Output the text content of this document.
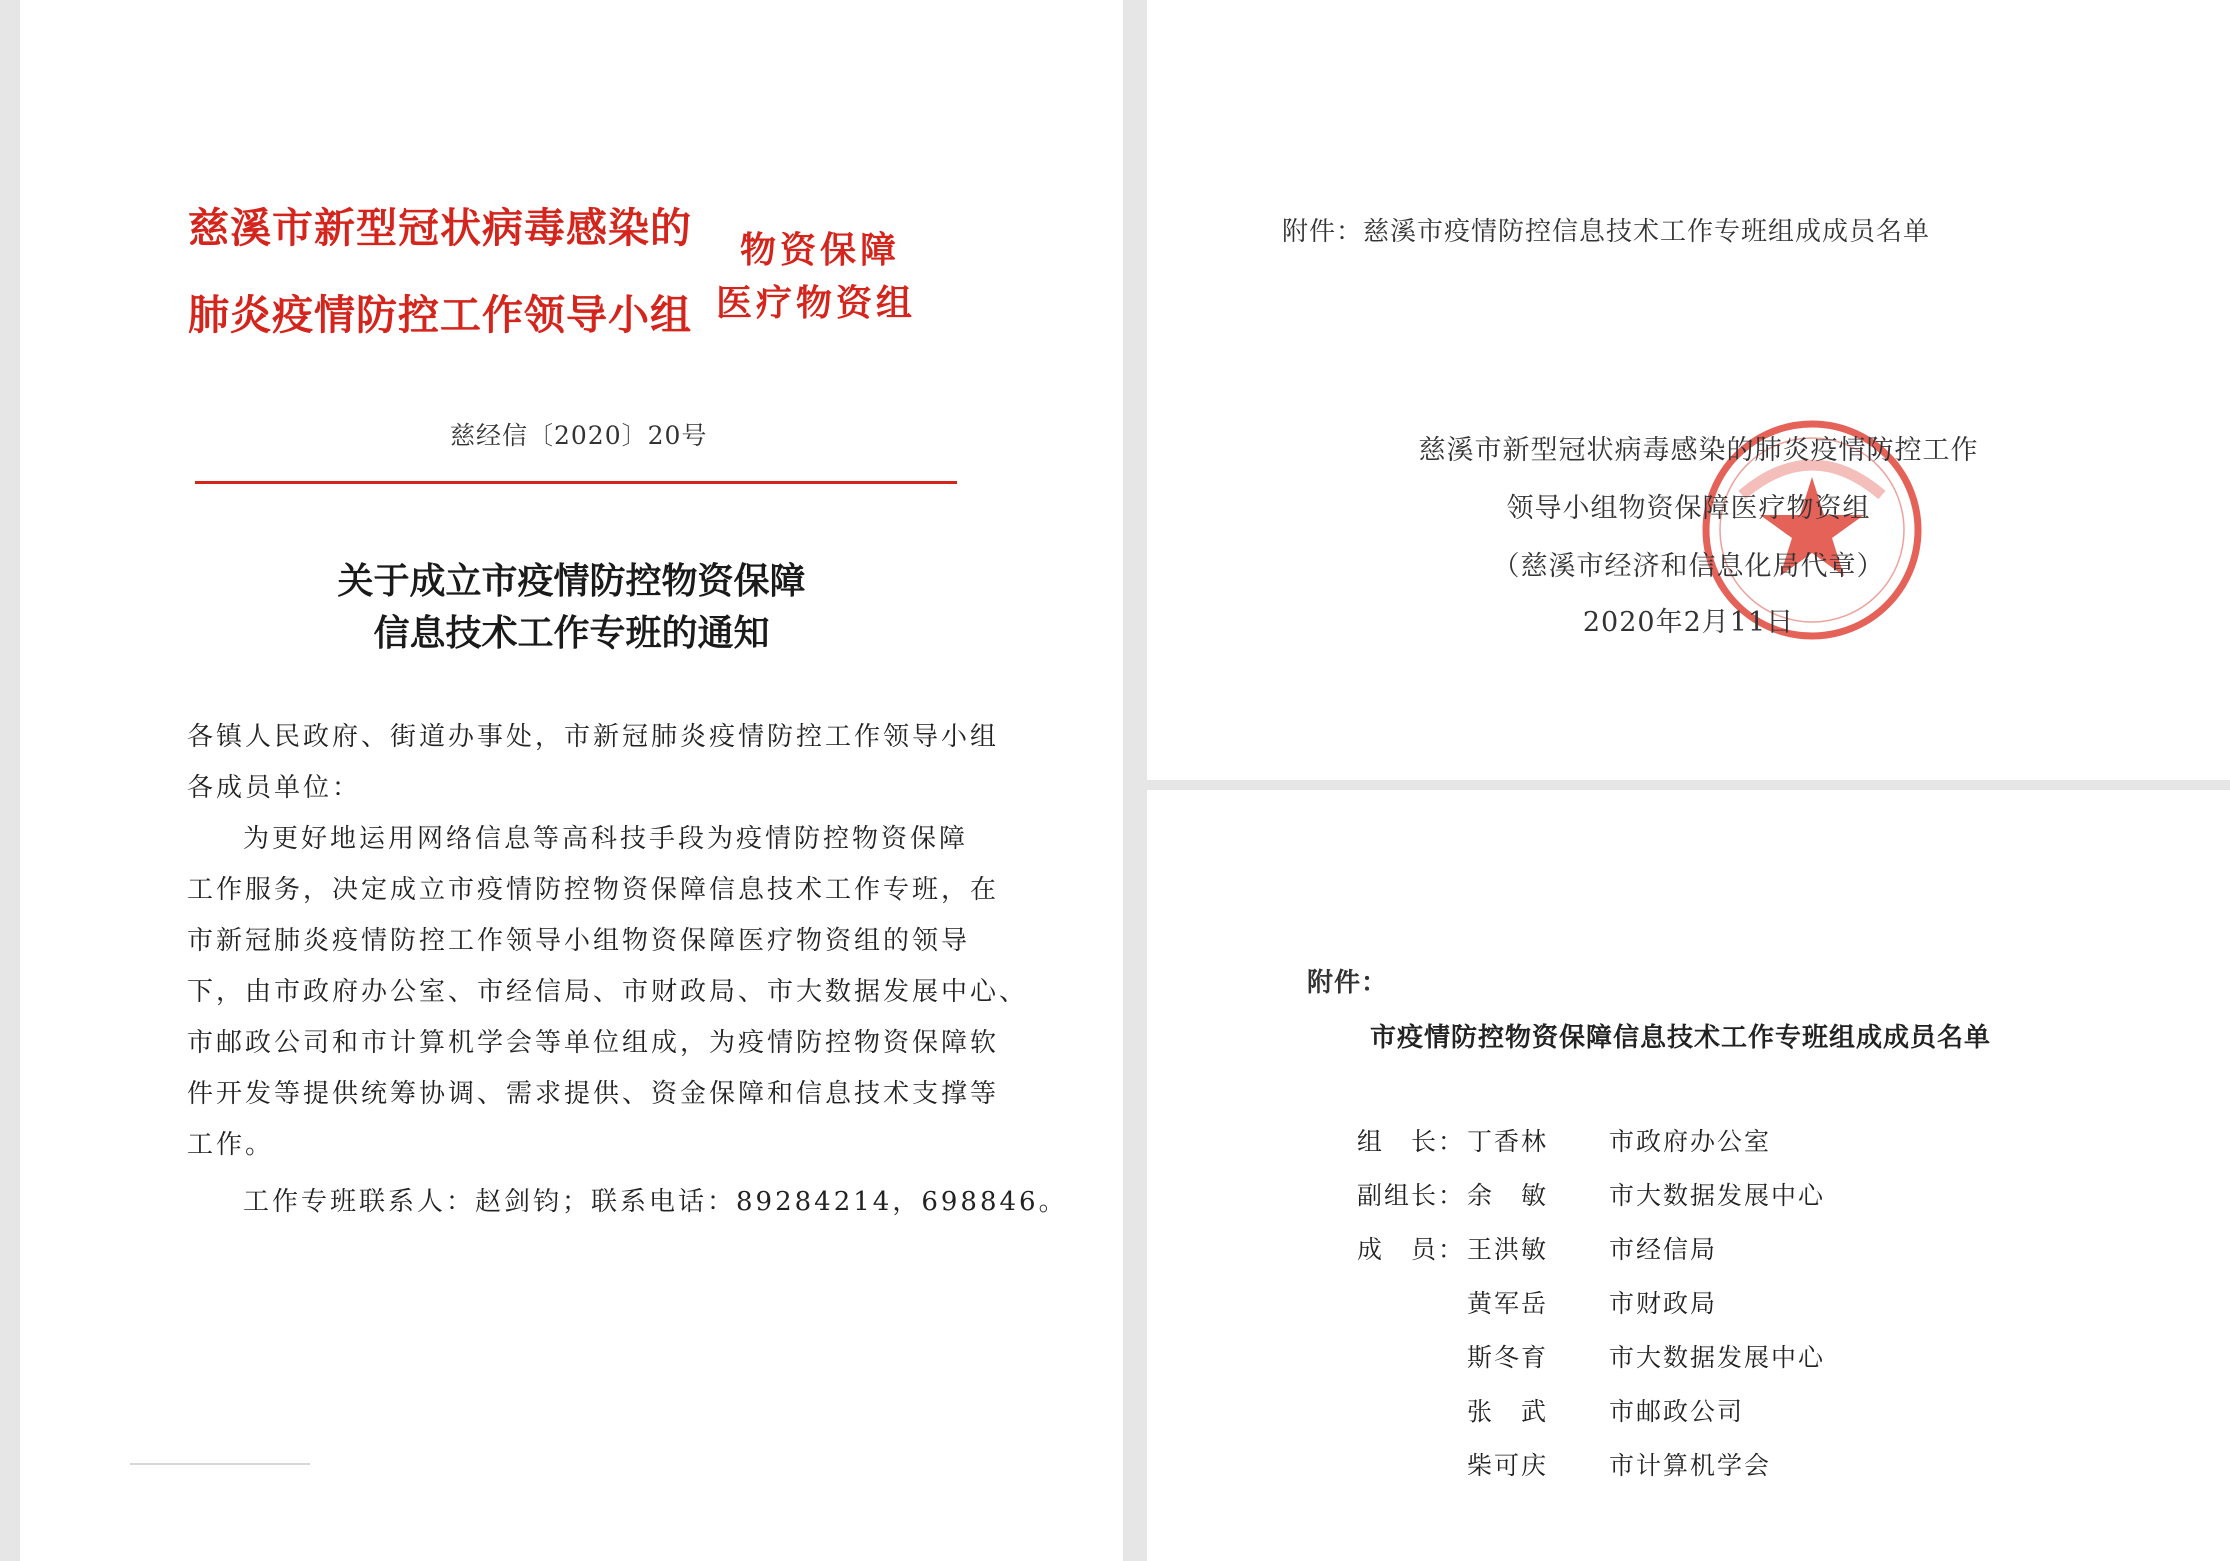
慈溪市新型冠状病毒感染的
肺炎疫情防控工作领导小组
物资保障
医疗物资组
慈经信〔2020〕20号
关于成立市疫情防控物资保障
信息技术工作专班的通知
各镇人民政府、街道办事处，市新冠肺炎疫情防控工作领导小组
各成员单位：
为更好地运用网络信息等高科技手段为疫情防控物资保障
工作服务，决定成立市疫情防控物资保障信息技术工作专班，在
市新冠肺炎疫情防控工作领导小组物资保障医疗物资组的领导
下，由市政府办公室、市经信局、市财政局、市大数据发展中心、
市邮政公司和市计算机学会等单位组成，为疫情防控物资保障软
件开发等提供统筹协调、需求提供、资金保障和信息技术支撑等
工作。
工作专班联系人：赵剑钧；联系电话：89284214，698846。
附件：慈溪市疫情防控信息技术工作专班组成成员名单
慈溪市新型冠状病毒感染的肺炎疫情防控工作
领导小组物资保障医疗物资组
（慈溪市经济和信息化局代章）
2020年2月11日
附件：
市疫情防控物资保障信息技术工作专班组成成员名单
组　长： 丁香林 市政府办公室
副组长： 余　敏 市大数据发展中心
成　员： 王洪敏 市经信局
黄军岳 市财政局
斯冬育 市大数据发展中心
张　武 市邮政公司
柴可庆 市计算机学会
